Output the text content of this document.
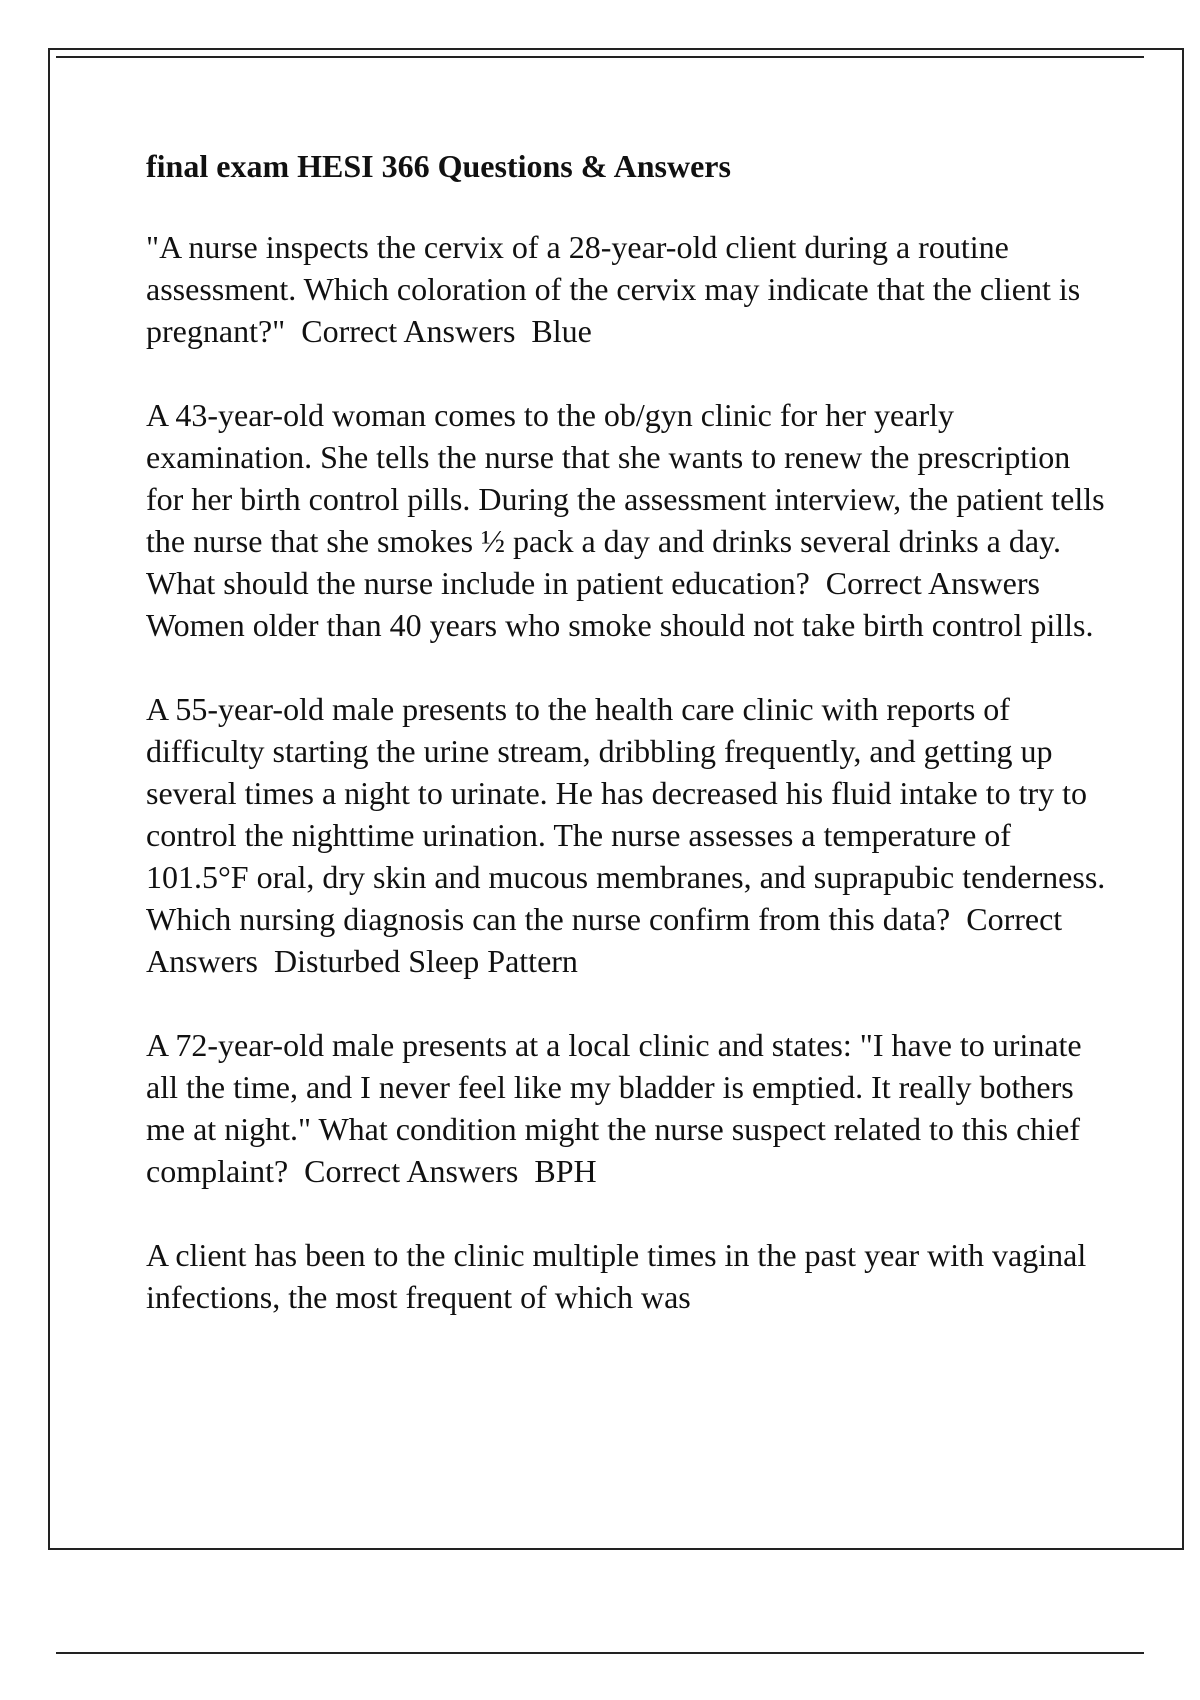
final exam HESI 366 Questions & Answers

"A nurse inspects the cervix of a 28-year-old client during a routine assessment. Which coloration of the cervix may indicate that the client is pregnant?" Correct Answers Blue

A 43-year-old woman comes to the ob/gyn clinic for her yearly examination. She tells the nurse that she wants to renew the prescription for her birth control pills. During the assessment interview, the patient tells the nurse that she smokes ½ pack a day and drinks several drinks a day. What should the nurse include in patient education? Correct Answers  Women older than 40 years who smoke should not take birth control pills.

A 55-year-old male presents to the health care clinic with reports of difficulty starting the urine stream, dribbling frequently, and getting up several times a night to urinate. He has decreased his fluid intake to try to control the nighttime urination. The nurse assesses a temperature of 101.5°F oral, dry skin and mucous membranes, and suprapubic tenderness. Which nursing diagnosis can the nurse confirm from this data? Correct Answers Disturbed Sleep Pattern

A 72-year-old male presents at a local clinic and states: "I have to urinate all the time, and I never feel like my bladder is emptied. It really bothers me at night." What condition might the nurse suspect related to this chief complaint? Correct Answers BPH

A client has been to the clinic multiple times in the past year with vaginal infections, the most frequent of which was
